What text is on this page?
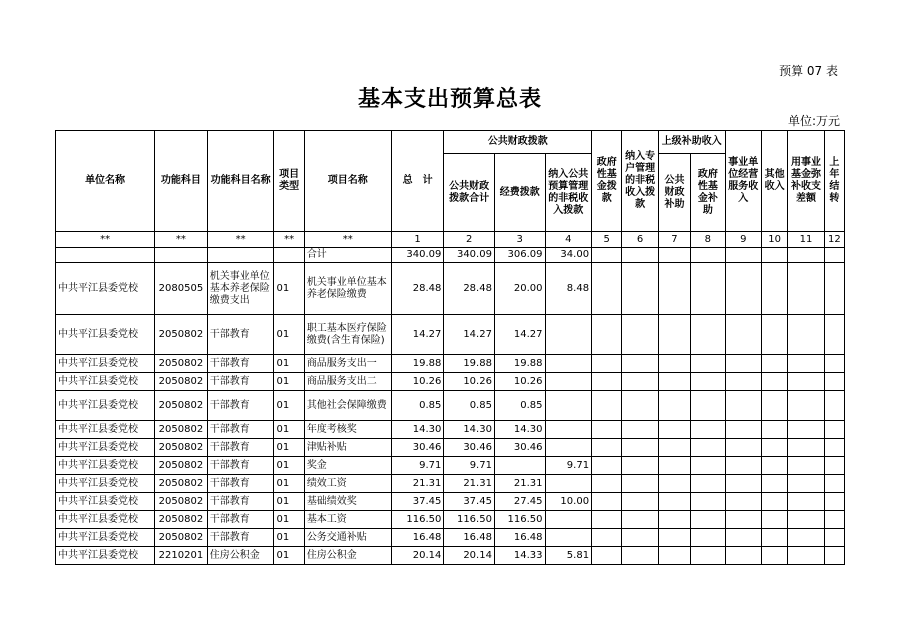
预算 07 表
基本支出预算总表
单位:万元
单位名称	功能科目	功能科目名称	项目类型	项目名称	总　计	公共财政拨款			政府性基金拨款	纳入专户管理的非税收入拨款	上级补助收入		事业单位经营服务收入	其他收入	用事业基金弥补收支差额	上年结转
						公共财政拨款合计	经费拨款	纳入公共预算管理的非税收入拨款			公共财政补助	政府性基金补助				
**	**	**	**	**	1	2	3	4	5	6	7	8	9	10	11	12
				合计	340.09	340.09	306.09	34.00								
中共平江县委党校	2080505	机关事业单位基本养老保险缴费支出	01	机关事业单位基本养老保险缴费	28.48	28.48	20.00	8.48								
中共平江县委党校	2050802	干部教育	01	职工基本医疗保险缴费(含生育保险)	14.27	14.27	14.27									
中共平江县委党校	2050802	干部教育	01	商品服务支出一	19.88	19.88	19.88									
中共平江县委党校	2050802	干部教育	01	商品服务支出二	10.26	10.26	10.26									
中共平江县委党校	2050802	干部教育	01	其他社会保障缴费	0.85	0.85	0.85									
中共平江县委党校	2050802	干部教育	01	年度考核奖	14.30	14.30	14.30									
中共平江县委党校	2050802	干部教育	01	津贴补贴	30.46	30.46	30.46									
中共平江县委党校	2050802	干部教育	01	奖金	9.71	9.71		9.71								
中共平江县委党校	2050802	干部教育	01	绩效工资	21.31	21.31	21.31									
中共平江县委党校	2050802	干部教育	01	基础绩效奖	37.45	37.45	27.45	10.00								
中共平江县委党校	2050802	干部教育	01	基本工资	116.50	116.50	116.50									
中共平江县委党校	2050802	干部教育	01	公务交通补贴	16.48	16.48	16.48									
中共平江县委党校	2210201	住房公积金	01	住房公积金	20.14	20.14	14.33	5.81								
